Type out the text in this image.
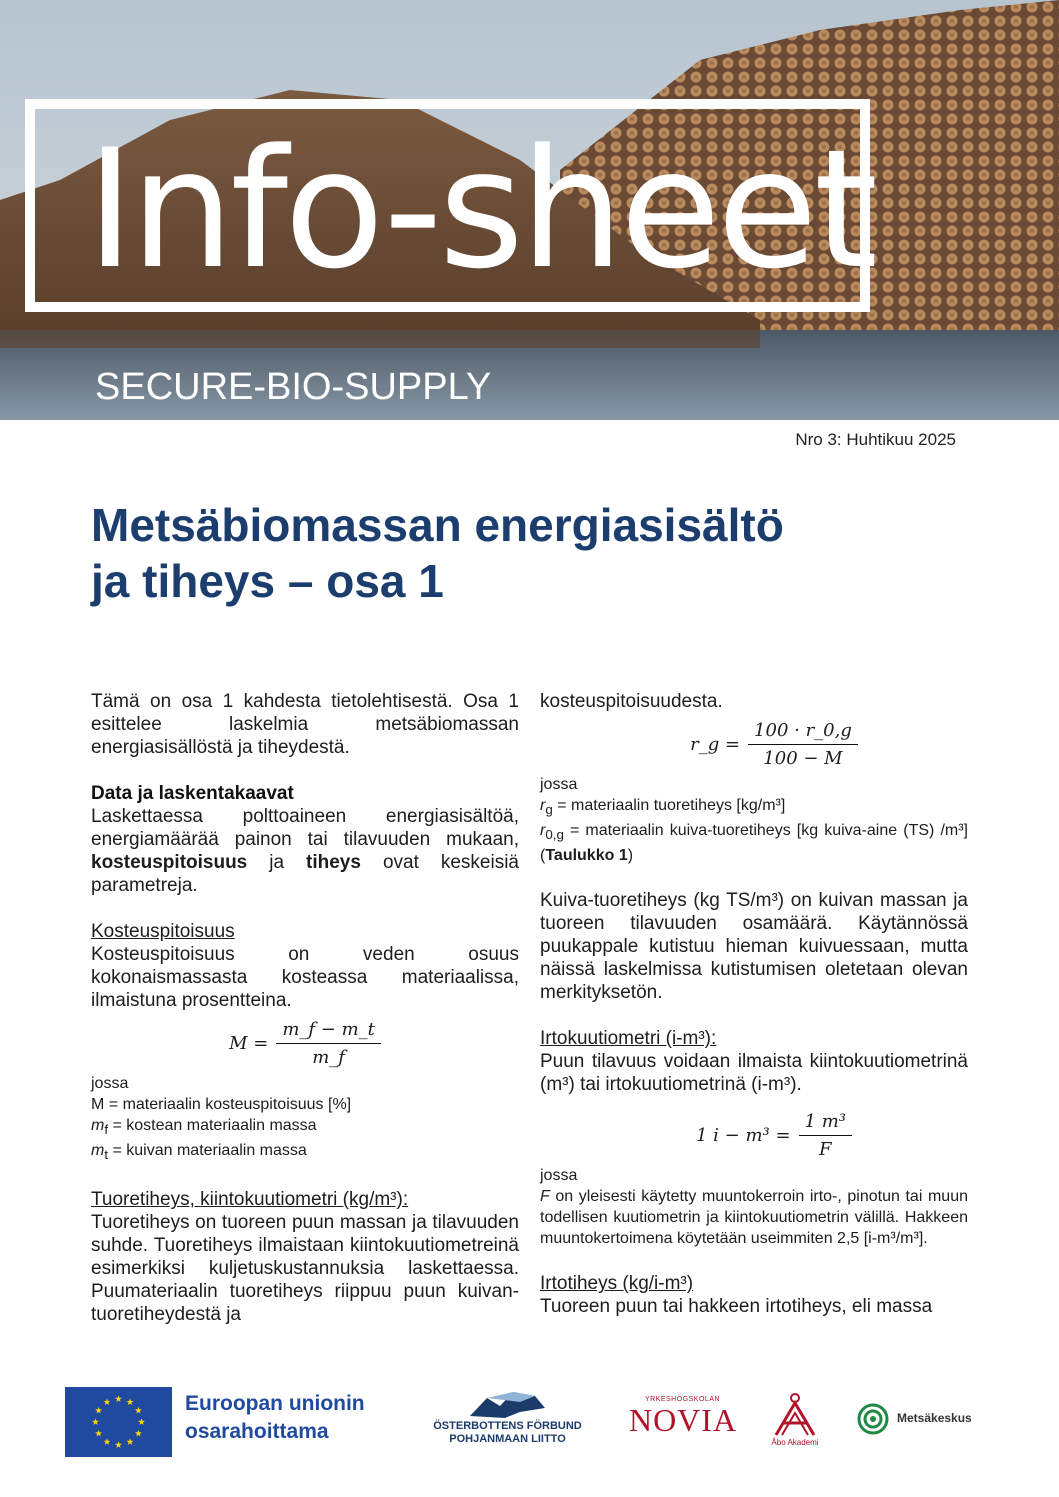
Info-sheet
SECURE-BIO-SUPPLY
Nro 3: Huhtikuu 2025
Metsäbiomassan energiasisältö
ja tiheys – osa 1

Tämä on osa 1 kahdesta tietolehtisestä. Osa 1 esittelee laskelmia metsäbiomassan energiasisällöstä ja tiheydestä.

Data ja laskentakaavat

Laskettaessa polttoaineen energiasisältöä, energiamäärää painon tai tilavuuden mukaan, kosteuspitoisuus ja tiheys ovat keskeisiä parametreja.

Kosteuspitoisuus

Kosteuspitoisuus on veden osuus kokonaismassasta kosteassa materiaalissa, ilmaistuna prosentteina.

$M = \frac{m\_f - m\_t}{m\_f}$
jossa
M = materiaalin kosteuspitoisuus [%]
$m_f$ = kostean materiaalin massa
$m_t$ = kuivan materiaalin massa
Tuoretiheys, kiintokuutiometri (kg/m³):

Tuoretiheys on tuoreen puun massan ja tilavuuden suhde. Tuoretiheys ilmaistaan kiintokuutiometreinä esimerkiksi kuljetuskustannuksia laskettaessa. Puumateriaalin tuoretiheys riippuu puun kuivan-tuoretiheydestä ja

kosteuspitoisuudesta.

r_g = $\frac{100 \cdot r\_0,g}{100 - M}$
jossa
$r_g$ = materiaalin tuoretiheys [kg/m³]
$r_{0,g}$ = materiaalin kuiva-tuoretiheys [kg kuiva-aine (TS) /m³] (Taulukko 1)

Kuiva-tuoretiheys (kg TS/m³) on kuivan massan ja tuoreen tilavuuden osamäärä. Käytännössä puukappale kutistuu hieman kuivuessaan, mutta näissä laskelmissa kutistumisen oletetaan olevan merkityksetön.

Irtokuutiometri (i-m³):

Puun tilavuus voidaan ilmaista kiintokuutiometrinä (m³) tai irtokuutiometrinä (i-m³).

1 $i - m^3 = \frac{\text{1 m³}}{F}$
jossa

F on yleisesti käytetty muuntokerroin irto-, pinotun tai muun todellisen kuutiometrin ja kiintokuutiometrin välillä. Hakkeen muuntokertoimena köytetään useimmiten 2,5 [i-m³/m³].

Irtotiheys (kg/i-m³)

Tuoreen puun tai hakkeen irtotiheys, eli massa

Euroopan unionin
osarahoittama	ÖSTERBOTTENS FÖRBUND
POHJANMAAN LIITTO
YRKESHÖGSKOLAN
NOVIA
Åbo Akademi
Metsäkeskus
